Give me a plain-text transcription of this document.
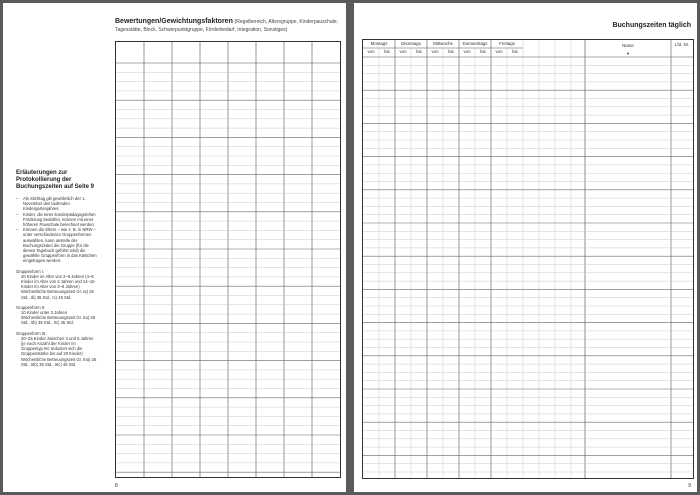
Bewertungen/Gewichtungsfaktoren (Regelbereich, Altersgruppe, Kinderpauschale,
Tagesstätte, Block, Schwerpunktgruppe, Förderbedarf, Integration, Sonstiges)
Erläuterungen zur Protokollierung der Buchungszeiten auf Seite 9
– Als Stichtag gilt gewöhnlich der 1. November des laufenden Kindergartenjahres.
– Kinder, die einer sonderpädagogischen Förderung bedürfen, können mit einer höheren Pauschale berechnet werden.
– Können die Eltern – wie z. B. in NRW – unter verschiedenen Gruppenformen auswählen, kann anstelle der Buchungszeiten die Gruppe (für die dieses Tagebuch geführt wird) die gewählte Gruppenform in das Kästchen eingetragen werden:
Gruppenform I:
20 Kinder im Alter von 2–6 Jahren (4–6 Kinder im Alter von 2 Jahren und 14–16 Kinder im Alter von 3–6 Jahren)
Wöchentliche Betreuungszeit Gr. Ia) 25 Std., Ib) 35 Std., Ic) 45 Std.
Gruppenform II:
10 Kinder unter 3 Jahren
Wöchentliche Betreuungszeit Gr. IIa) 25 Std., IIb) 35 Std., IIc) 45 Std.
Gruppenform III:
20–25 Kinder zwischen 3 und 6 Jahren (je nach Anzahl der Kinder im Gruppentyp IIIc reduziert sich die Gruppenstärke bis auf 20 Kinder)
Wöchentliche Betreuungszeit Gr. IIIa) 25 Std., IIIb) 35 Std., IIIc) 45 Std.
8
Buchungszeiten täglich
Montags	Dienstags	Mittwochs	Donnerstags	Freitags
von	bis	von	bis	von	bis	von	bis	von	bis
Name
▾
Lfd. Nr.
9
